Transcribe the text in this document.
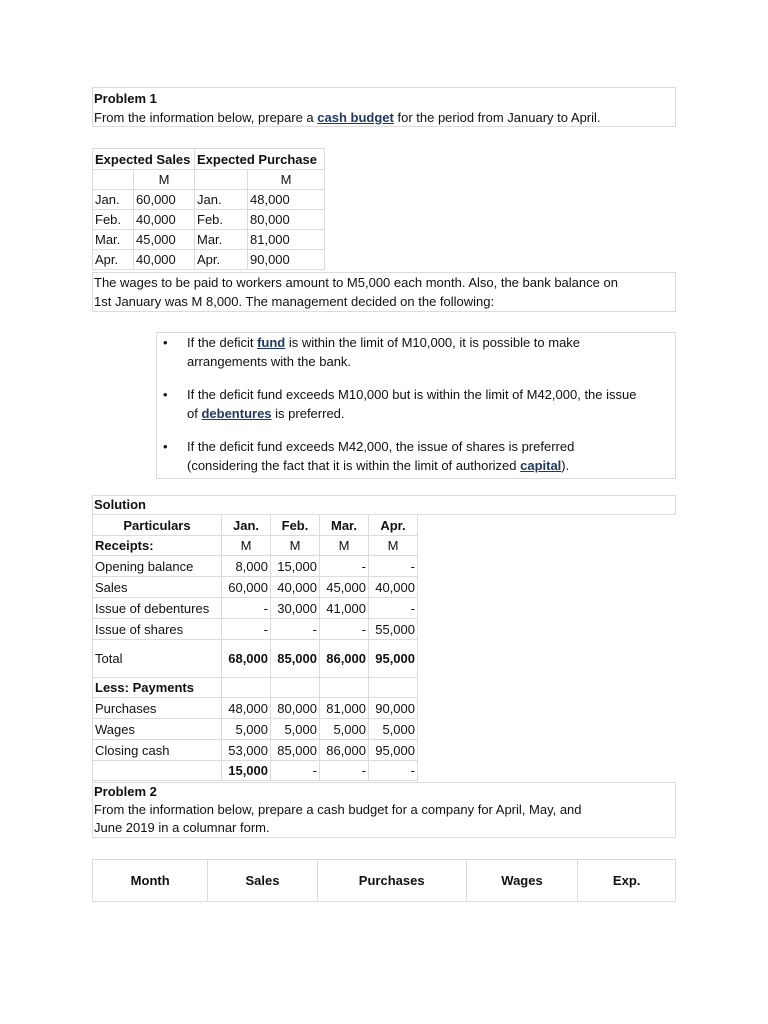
Problem 1
From the information below, prepare a cash budget for the period from January to April.
Expected Sales		Expected Purchase	
	M		M
Jan.	60,000	Jan.	48,000
Feb.	40,000	Feb.	80,000
Mar.	45,000	Mar.	81,000
Apr.	40,000	Apr.	90,000
The wages to be paid to workers amount to M5,000 each month. Also, the bank balance on
1st January was M 8,000. The management decided on the following:
• If the deficit fund is within the limit of M10,000, it is possible to make arrangements with the bank.
• If the deficit fund exceeds M10,000 but is within the limit of M42,000, the issue of debentures is preferred.
• If the deficit fund exceeds M42,000, the issue of shares is preferred (considering the fact that it is within the limit of authorized capital).
Solution
Particulars	Jan.	Feb.	Mar.	Apr.
Receipts:	M	M	M	M
Opening balance	8,000	15,000	-	-
Sales	60,000	40,000	45,000	40,000
Issue of debentures	-	30,000	41,000	-
Issue of shares	-	-	-	55,000
Total	68,000	85,000	86,000	95,000
Less: Payments				
Purchases	48,000	80,000	81,000	90,000
Wages	5,000	5,000	5,000	5,000
Closing cash	53,000	85,000	86,000	95,000
	15,000	-	-	-
Problem 2
From the information below, prepare a cash budget for a company for April, May, and
June 2019 in a columnar form.
Month	Sales	Purchases	Wages	Exp.
